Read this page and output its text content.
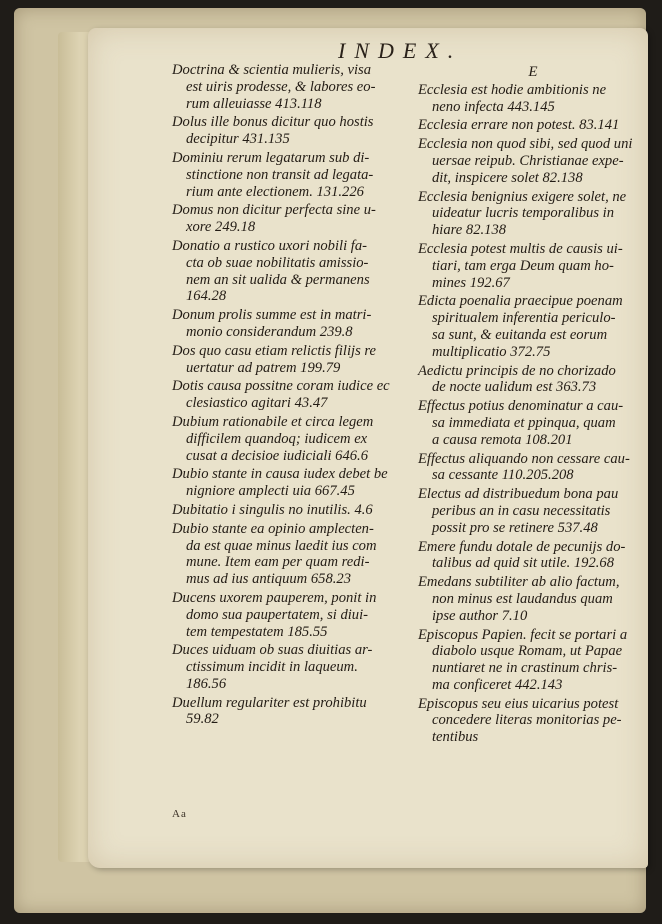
INDEX.
Doctrina & scientia mulieris, visa
est uiris prodesse, & labores eo-
rum alleuiasse 413.118
Dolus ille bonus dicitur quo hostis
decipitur 431.135
Dominiu rerum legatarum sub di-
stinctione non transit ad legata-
rium ante electionem. 131.226
Domus non dicitur perfecta sine u-
xore 249.18
Donatio a rustico uxori nobili fa-
cta ob suae nobilitatis amissio-
nem an sit ualida & permanens
164.28
Donum prolis summe est in matri-
monio considerandum 239.8
Dos quo casu etiam relictis filijs re
uertatur ad patrem 199.79
Dotis causa possitne coram iudice ec
clesiastico agitari 43.47
Dubium rationabile et circa legem
difficilem quandoq; iudicem ex
cusat a decisioe iudiciali 646.6
Dubio stante in causa iudex debet be
nigniore amplecti uia 667.45
Dubitatio i singulis no inutilis. 4.6
Dubio stante ea opinio amplecten-
da est quae minus laedit ius com
mune. Item eam per quam redi-
mus ad ius antiquum 658.23
Ducens uxorem pauperem, ponit in
domo sua paupertatem, si diui-
tem tempestatem 185.55
Duces uiduam ob suas diuitias ar-
ctissimum incidit in laqueum.
186.56
Duellum regulariter est prohibitu
59.82
E
Ecclesia est hodie ambitionis ne
neno infecta 443.145
Ecclesia errare non potest. 83.141
Ecclesia non quod sibi, sed quod uni
uersae reipub. Christianae expe-
dit, inspicere solet 82.138
Ecclesia benignius exigere solet, ne
uideatur lucris temporalibus in
hiare 82.138
Ecclesia potest multis de causis ui-
tiari, tam erga Deum quam ho-
mines 192.67
Edicta poenalia praecipue poenam
spiritualem inferentia periculo-
sa sunt, & euitanda est eorum
multiplicatio 372.75
Aedictu principis de no chorizado
de nocte ualidum est 363.73
Effectus potius denominatur a cau-
sa immediata et ppinqua, quam
a causa remota 108.201
Effectus aliquando non cessare cau-
sa cessante 110.205.208
Electus ad distribuedum bona pau
peribus an in casu necessitatis
possit pro se retinere 537.48
Emere fundu dotale de pecunijs do-
talibus ad quid sit utile. 192.68
Emedans subtiliter ab alio factum,
non minus est laudandus quam
ipse author 7.10
Episcopus Papien. fecit se portari a
diabolo usque Romam, ut Papae
nuntiaret ne in crastinum chris-
ma conficeret 442.143
Episcopus seu eius uicarius potest
concedere literas monitorias pe-
tentibus
Aa
